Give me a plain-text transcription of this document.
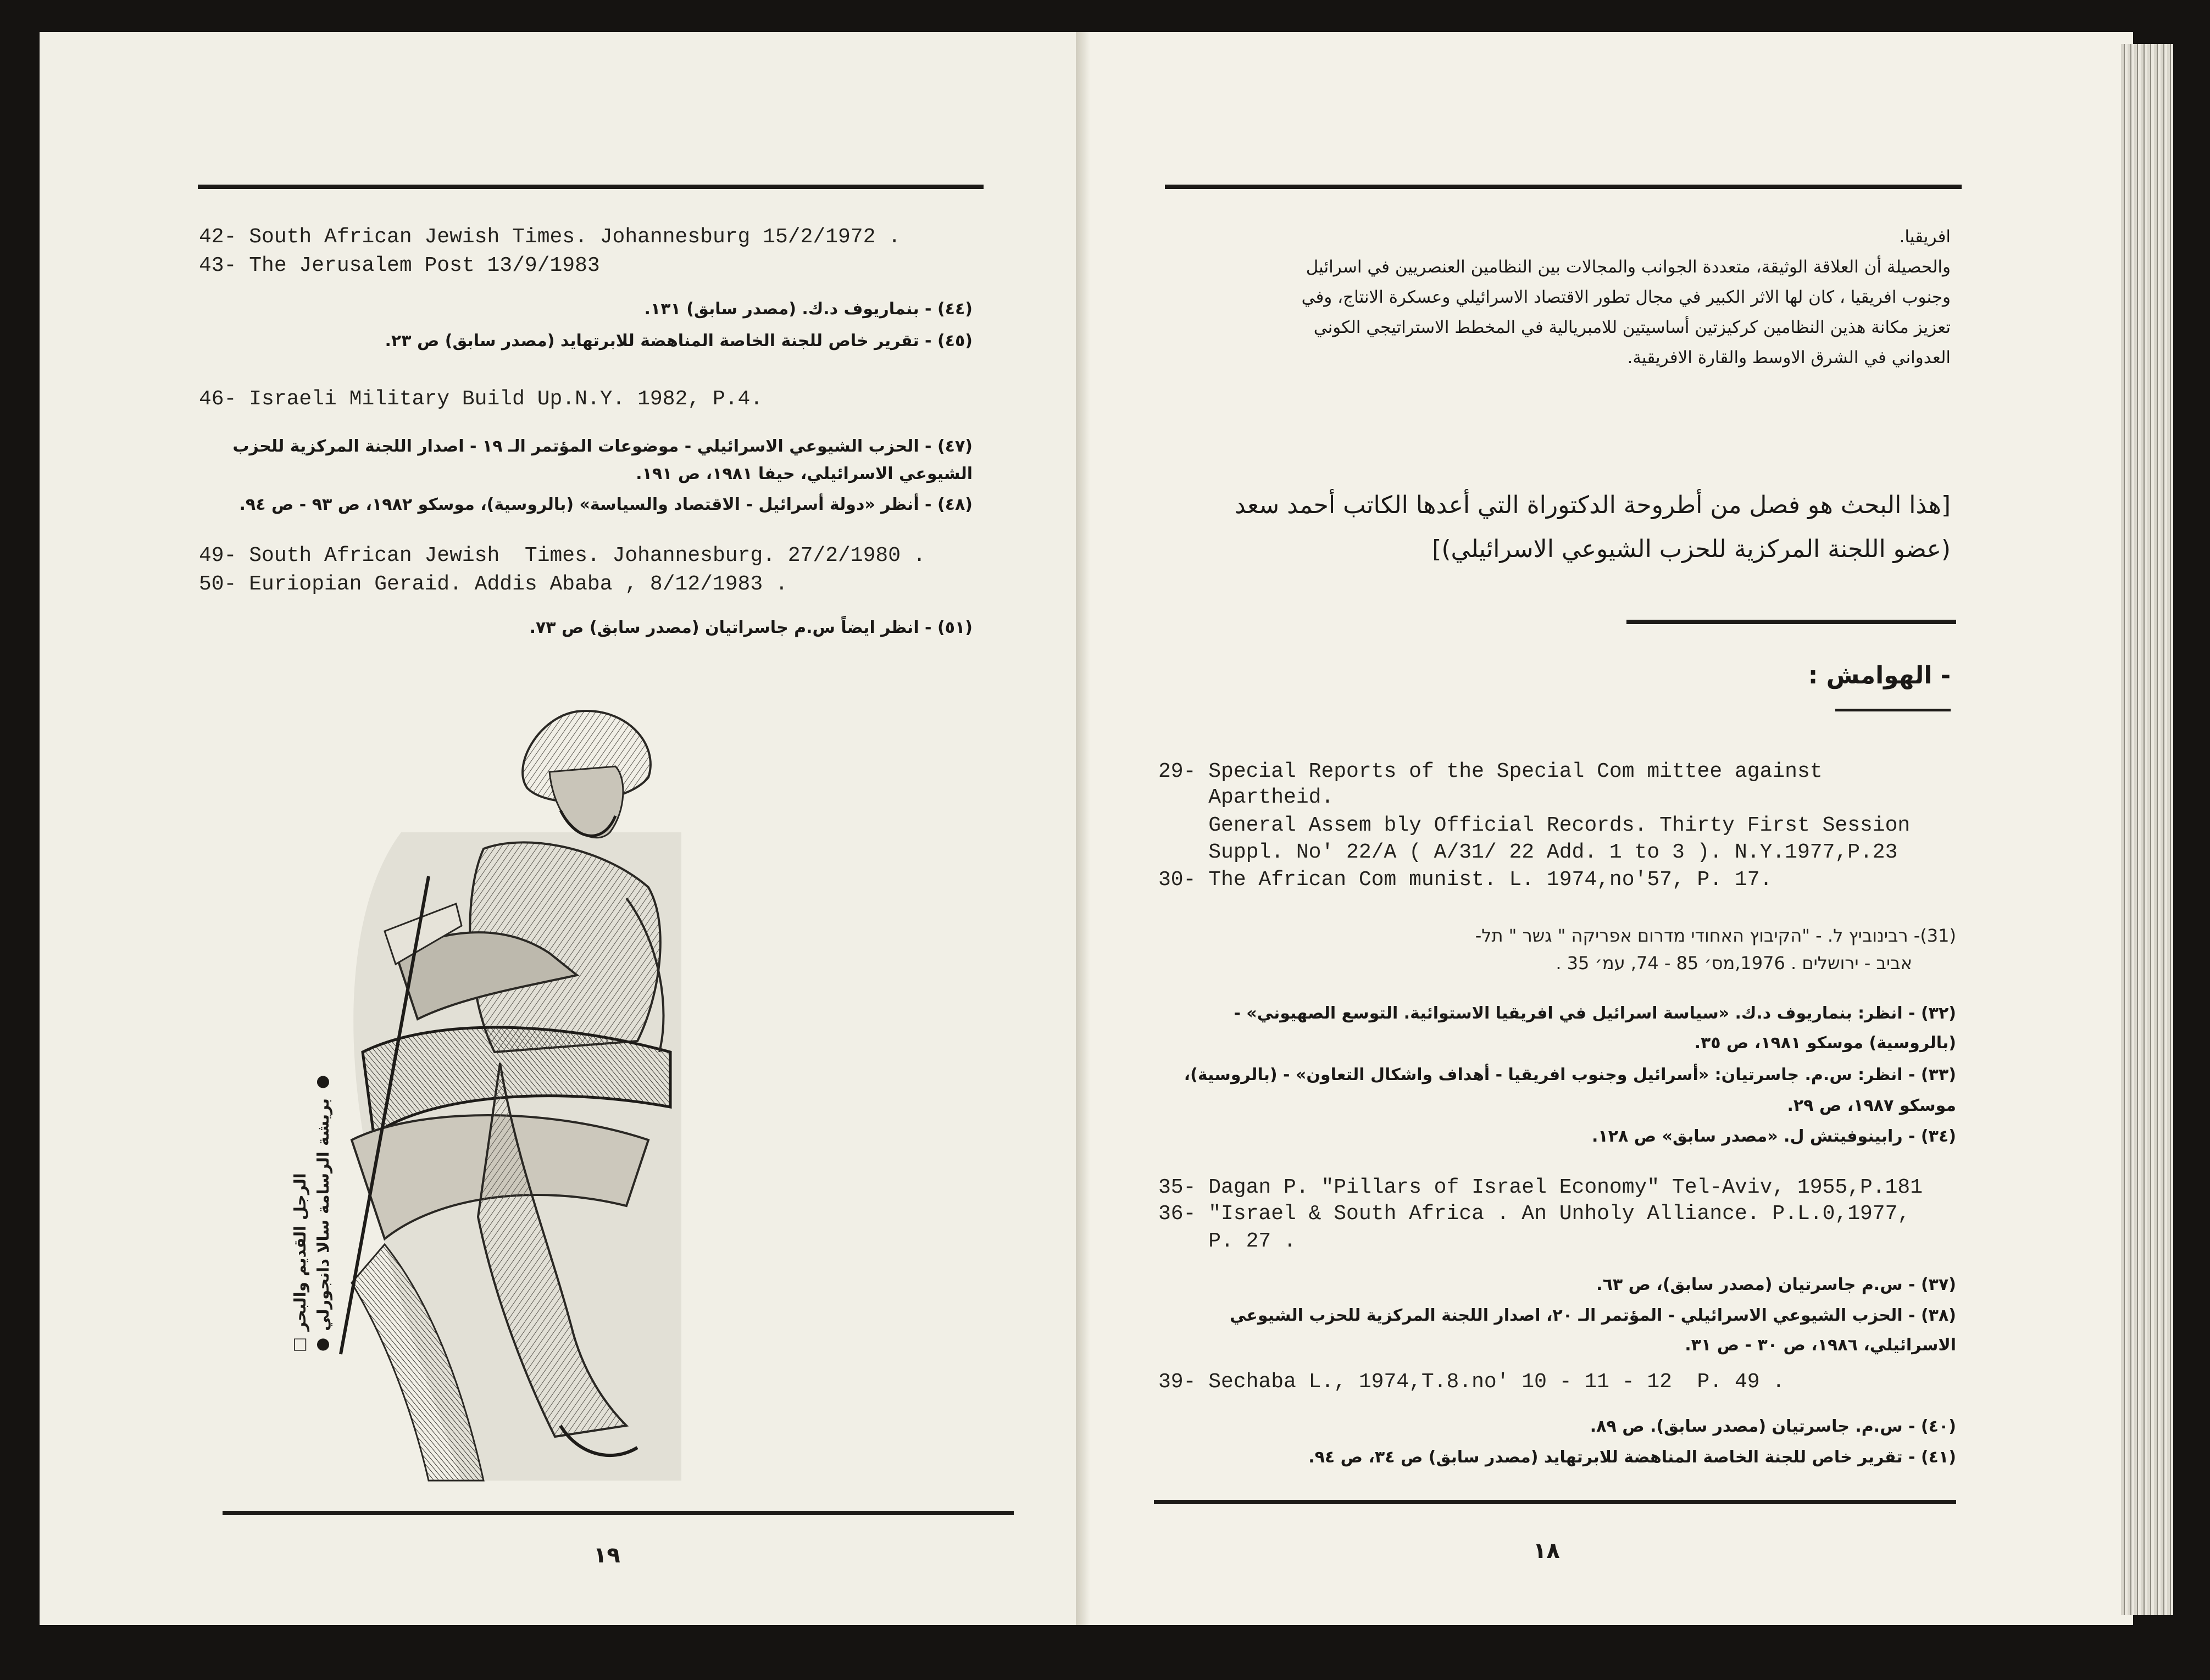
42- South African Jewish Times. Johannesburg 15/2/1972 .
43- The Jerusalem Post 13/9/1983
(٤٤) - بنماريوف د.ك. (مصدر سابق) ١٣١.
(٤٥) - تقرير خاص للجنة الخاصة المناهضة للابرتهايد (مصدر سابق) ص ٢٣.
46- Israeli Military Build Up.N.Y. 1982, P.4.
(٤٧) - الحزب الشيوعي الاسرائيلي - موضوعات المؤتمر الـ ١٩ - اصدار اللجنة المركزية للحزب
الشيوعي الاسرائيلي، حيفا ١٩٨١، ص ١٩١.
(٤٨) - أنظر «دولة أسرائيل - الاقتصاد والسياسة» (بالروسية)، موسكو ١٩٨٢، ص ٩٣ - ص ٩٤.
49- South African Jewish  Times. Johannesburg. 27/2/1980 .
50- Euriopian Geraid. Addis Ababa , 8/12/1983 .
(٥١) - انظر ايضاً س.م جاسراتيان (مصدر سابق) ص ٧٣.
□ الرجل القديم والبحر
● بريشة الرسامة سالا دانجورلي ●
١٩
افريقيا.
والحصيلة أن العلاقة الوثيقة، متعددة الجوانب والمجالات بين النظامين العنصريين في اسرائيل
وجنوب افريقيا ، كان لها الاثر الكبير في مجال تطور الاقتصاد الاسرائيلي وعسكرة الانتاج، وفي
تعزيز مكانة هذين النظامين كركيزتين أساسيتين للامبريالية في المخطط الاستراتيجي الكوني
العدواني في الشرق الاوسط والقارة الافريقية.
[هذا البحث هو فصل من أطروحة الدكتوراة التي أعدها الكاتب أحمد سعد
(عضو اللجنة المركزية للحزب الشيوعي الاسرائيلي)]
- الهوامش :
29- Special Reports of the Special Com mittee against
Apartheid.
General Assem bly Official Records. Thirty First Session
Suppl. No' 22/A ( A/31/ 22 Add. 1 to 3 ). N.Y.1977,P.23
30- The African Com munist. L. 1974,no'57, P. 17.
(31)- רבינוביץ ל. - "הקיבוץ האחודי מדרום אפריקה " גשר " תל-
אביב - ירושלים . 1976,מס׳ 85 - 74, עמ׳ 35 .
(٣٢) - انظر: بنماريوف د.ك. «سياسة اسرائيل في افريقيا الاستوائية. التوسع الصهيوني» -
(بالروسية) موسكو ١٩٨١، ص ٣٥.
(٣٣) - انظر: س.م. جاسرتيان: «أسرائيل وجنوب افريقيا - أهداف واشكال التعاون» - (بالروسية)،
موسكو ١٩٨٧، ص ٢٩.
(٣٤) - رابينوفيتش ل. «مصدر سابق» ص ١٢٨.
35- Dagan P. "Pillars of Israel Economy" Tel-Aviv, 1955,P.181
36- "Israel & South Africa . An Unholy Alliance. P.L.0,1977,
P. 27 .
(٣٧) - س.م جاسرتيان (مصدر سابق)، ص ٦٣.
(٣٨) - الحزب الشيوعي الاسرائيلي - المؤتمر الـ ٢٠، اصدار اللجنة المركزية للحزب الشيوعي
الاسرائيلي، ١٩٨٦، ص ٣٠ - ص ٣١.
39- Sechaba L., 1974,T.8.no' 10 - 11 - 12  P. 49 .
(٤٠) - س.م. جاسرتيان (مصدر سابق). ص ٨٩.
(٤١) - تقرير خاص للجنة الخاصة المناهضة للابرتهايد (مصدر سابق) ص ٣٤، ص ٩٤.
١٨
